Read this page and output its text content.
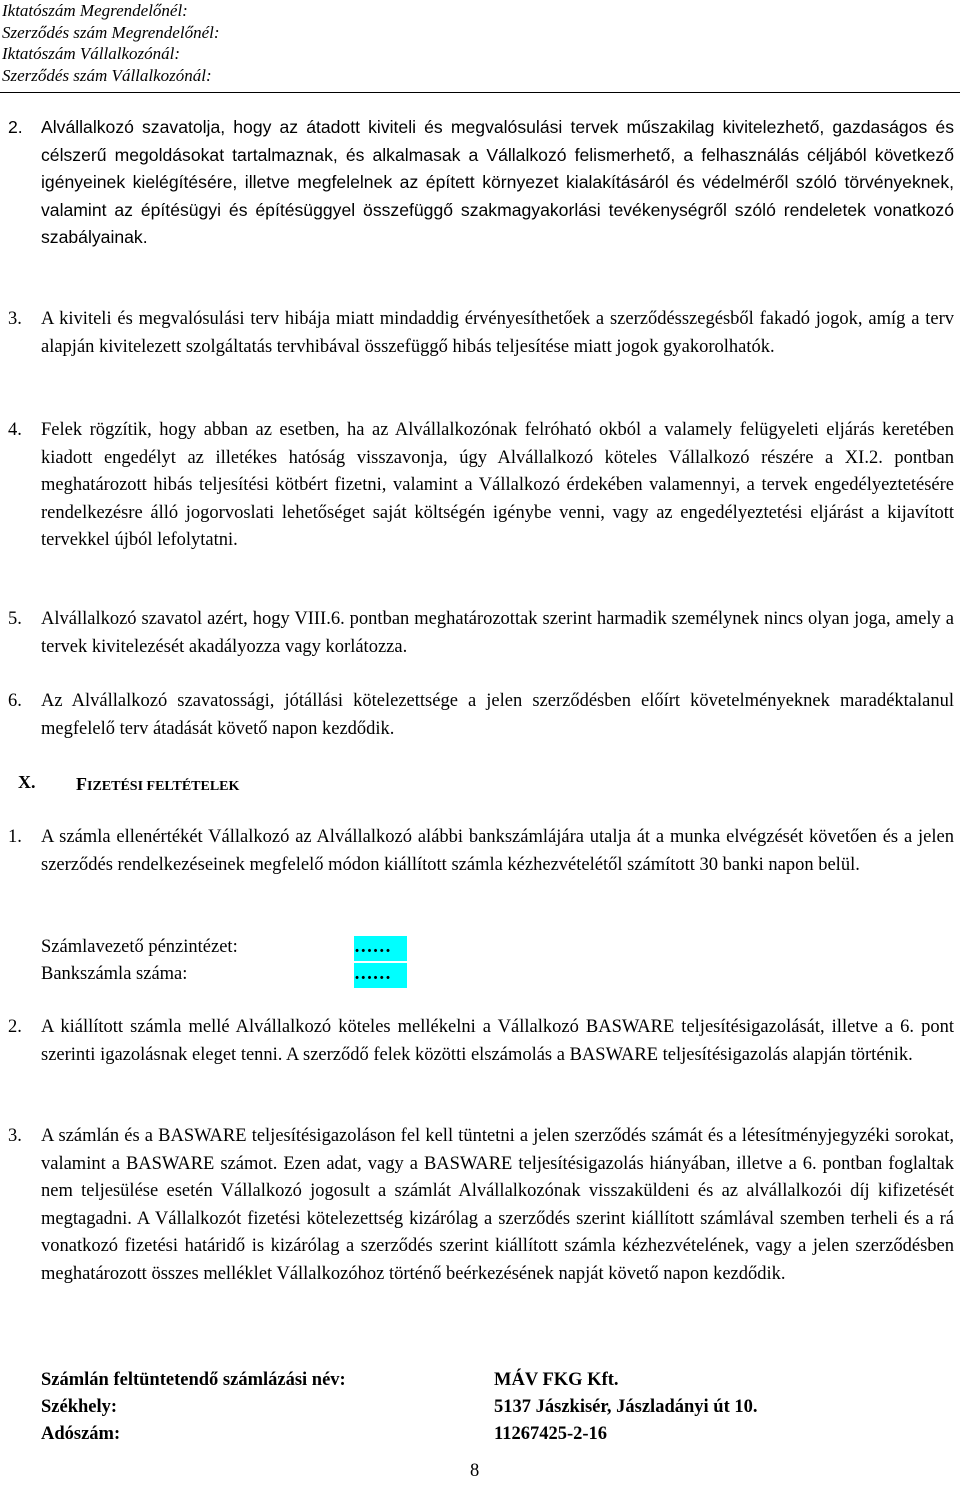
Iktatószám Megrendelőnél:
Szerződés szám Megrendelőnél:
Iktatószám Vállalkozónál:
Szerződés szám Vállalkozónál:
2. Alvállalkozó szavatolja, hogy az átadott kiviteli és megvalósulási tervek műszakilag kivitelezhető, gazdaságos és célszerű megoldásokat tartalmaznak, és alkalmasak a Vállalkozó felismerhető, a felhasználás céljából következő igényeinek kielégítésére, illetve megfelelnek az épített környezet kialakításáról és védelméről szóló törvényeknek, valamint az építésügyi és építésüggyel összefüggő szakmagyakorlási tevékenységről szóló rendeletek vonatkozó szabályainak.
3. A kiviteli és megvalósulási terv hibája miatt mindaddig érvényesíthetőek a szerződésszegésből fakadó jogok, amíg a terv alapján kivitelezett szolgáltatás tervhibával összefüggő hibás teljesítése miatt jogok gyakorolhatók.
4. Felek rögzítik, hogy abban az esetben, ha az Alvállalkozónak felróható okból a valamely felügyeleti eljárás keretében kiadott engedélyt az illetékes hatóság visszavonja, úgy Alvállalkozó köteles Vállalkozó részére a XI.2. pontban meghatározott hibás teljesítési kötbért fizetni, valamint a Vállalkozó érdekében valamennyi, a tervek engedélyeztetésére rendelkezésre álló jogorvoslati lehetőséget saját költségén igénybe venni, vagy az engedélyeztetési eljárást a kijavított tervekkel újból lefolytatni.
5. Alvállalkozó szavatol azért, hogy VIII.6. pontban meghatározottak szerint harmadik személynek nincs olyan joga, amely a tervek kivitelezését akadályozza vagy korlátozza.
6. Az Alvállalkozó szavatossági, jótállási kötelezettsége a jelen szerződésben előírt követelményeknek maradéktalanul megfelelő terv átadását követő napon kezdődik.
X. FIZETÉSI FELTÉTELEK
1. A számla ellenértékét Vállalkozó az Alvállalkozó alábbi bankszámlájára utalja át a munka elvégzését követően és a jelen szerződés rendelkezéseinek megfelelő módon kiállított számla kézhezvételétől számított 30 banki napon belül.
Számlavezető pénzintézet:	……
Bankszámla száma:	……
2. A kiállított számla mellé Alvállalkozó köteles mellékelni a Vállalkozó BASWARE teljesítésigazolását, illetve a 6. pont szerinti igazolásnak eleget tenni. A szerződő felek közötti elszámolás a BASWARE teljesítésigazolás alapján történik.
3. A számlán és a BASWARE teljesítésigazoláson fel kell tüntetni a jelen szerződés számát és a létesítményjegyzéki sorokat, valamint a BASWARE számot. Ezen adat, vagy a BASWARE teljesítésigazolás hiányában, illetve a 6. pontban foglaltak nem teljesülése esetén Vállalkozó jogosult a számlát Alvállalkozónak visszaküldeni és az alvállalkozói díj kifizetését megtagadni. A Vállalkozót fizetési kötelezettség kizárólag a szerződés szerint kiállított számlával szemben terheli és a rá vonatkozó fizetési határidő is kizárólag a szerződés szerint kiállított számla kézhezvételének, vagy a jelen szerződésben meghatározott összes melléklet Vállalkozóhoz történő beérkezésének napját követő napon kezdődik.
Számlán feltüntetendő számlázási név:	MÁV FKG Kft.
Székhely:	5137 Jászkisér, Jászladányi út 10.
Adószám:	11267425-2-16
8
